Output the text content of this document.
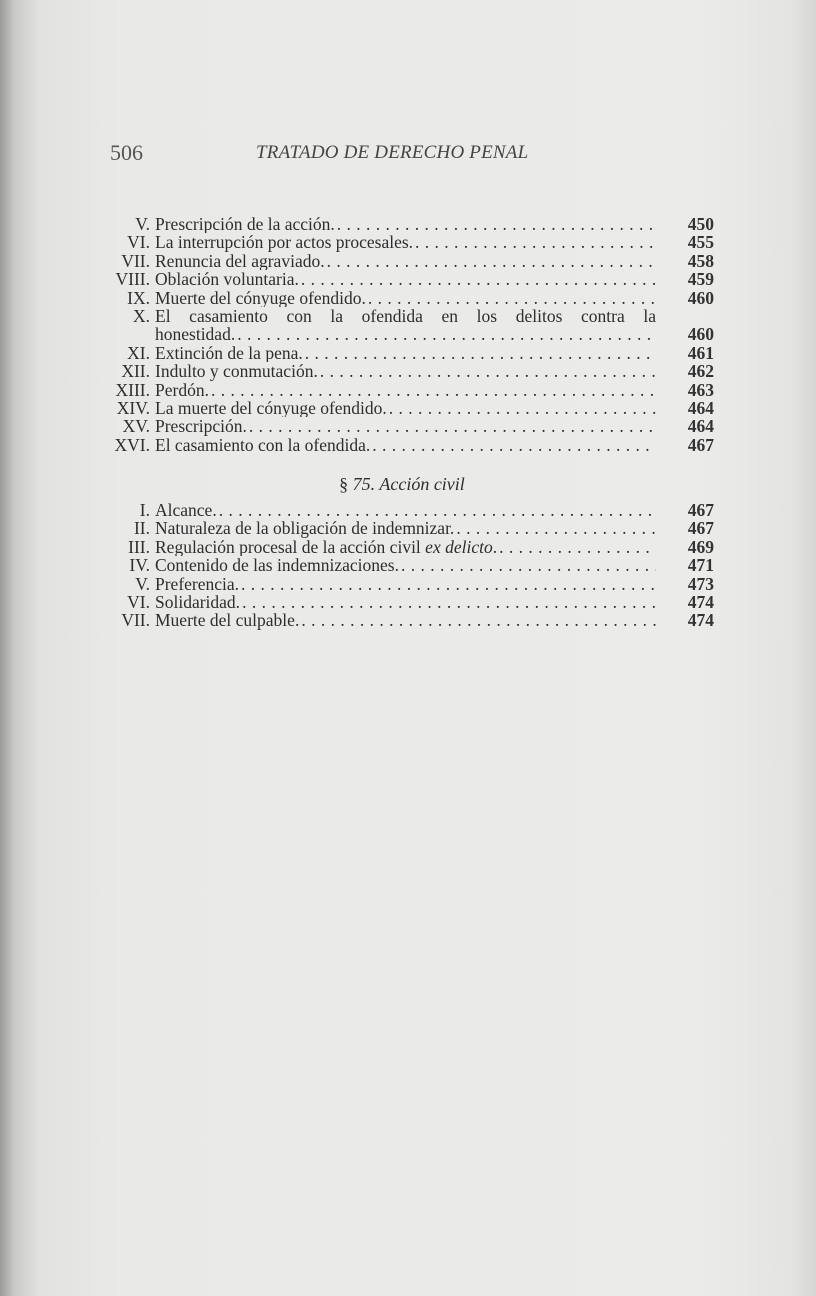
506	TRATADO DE DERECHO PENAL
V. Prescripción de la acción. . . .	450
VI. La interrupción por actos procesales. . . .	455
VII. Renuncia del agraviado. . . .	458
VIII. Oblación voluntaria. . . .	459
IX. Muerte del cónyuge ofendido. . . .	460
X. El casamiento con la ofendida en los delitos contra la
honestidad. . . .	460
XI. Extinción de la pena. . . .	461
XII. Indulto y conmutación. . . .	462
XIII. Perdón. . . .	463
XIV. La muerte del cónyuge ofendido. . . .	464
XV. Prescripción. . . .	464
XVI. El casamiento con la ofendida. . . .	467
§ 75. Acción civil
I. Alcance. . . .	467
II. Naturaleza de la obligación de indemnizar. . . .	467
III. Regulación procesal de la acción civil ex delicto. . . .	469
IV. Contenido de las indemnizaciones. . . .	471
V. Preferencia. . . .	473
VI. Solidaridad. . . .	474
VII. Muerte del culpable. . . .	474
